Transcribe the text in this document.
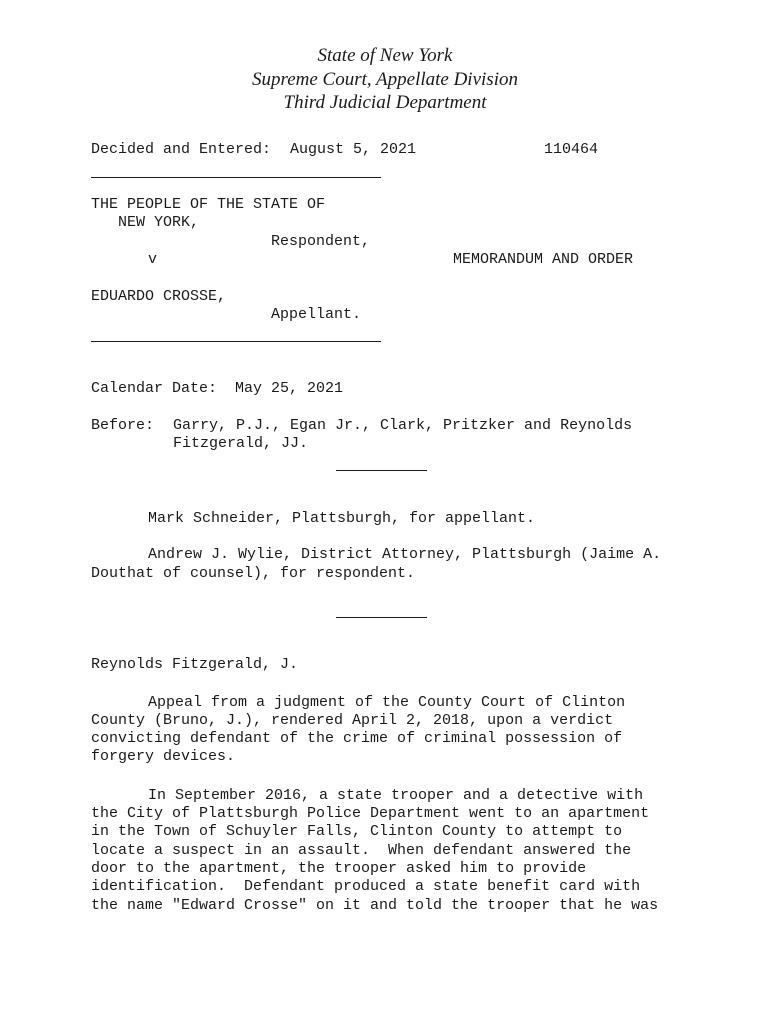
State of New York
Supreme Court, Appellate Division
Third Judicial Department
Decided and Entered: August 5, 2021	110464
THE PEOPLE OF THE STATE OF
NEW YORK,
Respondent,
v	MEMORANDUM AND ORDER
EDUARDO CROSSE,
Appellant.
Calendar Date: May 25, 2021
Before: Garry, P.J., Egan Jr., Clark, Pritzker and Reynolds
Fitzgerald, JJ.
Mark Schneider, Plattsburgh, for appellant.
Andrew J. Wylie, District Attorney, Plattsburgh (Jaime A.
Douthat of counsel), for respondent.
Reynolds Fitzgerald, J.
Appeal from a judgment of the County Court of Clinton
County (Bruno, J.), rendered April 2, 2018, upon a verdict
convicting defendant of the crime of criminal possession of
forgery devices.
In September 2016, a state trooper and a detective with
the City of Plattsburgh Police Department went to an apartment
in the Town of Schuyler Falls, Clinton County to attempt to
locate a suspect in an assault.  When defendant answered the
door to the apartment, the trooper asked him to provide
identification.  Defendant produced a state benefit card with
the name "Edward Crosse" on it and told the trooper that he was
